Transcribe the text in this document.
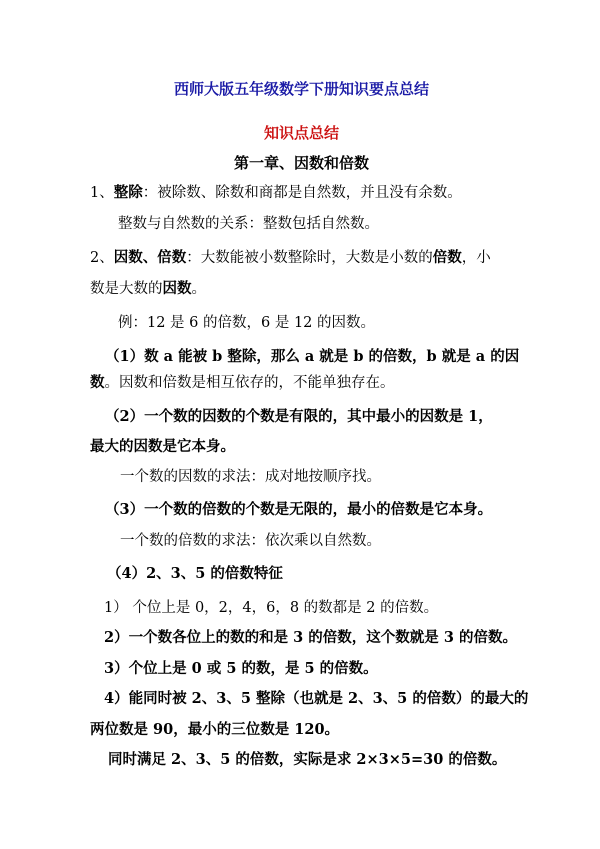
西师大版五年级数学下册知识要点总结
知识点总结
第一章、因数和倍数
1、整除：被除数、除数和商都是自然数，并且没有余数。
整数与自然数的关系：整数包括自然数。
2、因数、倍数：大数能被小数整除时，大数是小数的倍数，小
数是大数的因数。
例：12 是 6 的倍数，6 是 12 的因数。
（1）数 a 能被 b 整除，那么 a 就是 b 的倍数，b 就是 a 的因
数。因数和倍数是相互依存的，不能单独存在。
（2）一个数的因数的个数是有限的，其中最小的因数是 1，
最大的因数是它本身。
一个数的因数的求法：成对地按顺序找。
（3）一个数的倍数的个数是无限的，最小的倍数是它本身。
一个数的倍数的求法：依次乘以自然数。
（4）2、3、5 的倍数特征
1） 个位上是 0，2，4，6，8 的数都是 2 的倍数。
2）一个数各位上的数的和是 3 的倍数，这个数就是 3 的倍数。
3）个位上是 0 或 5 的数，是 5 的倍数。
4）能同时被 2、3、5 整除（也就是 2、3、5 的倍数）的最大的
两位数是 90，最小的三位数是 120。
同时满足 2、3、5 的倍数，实际是求 2×3×5=30 的倍数。
